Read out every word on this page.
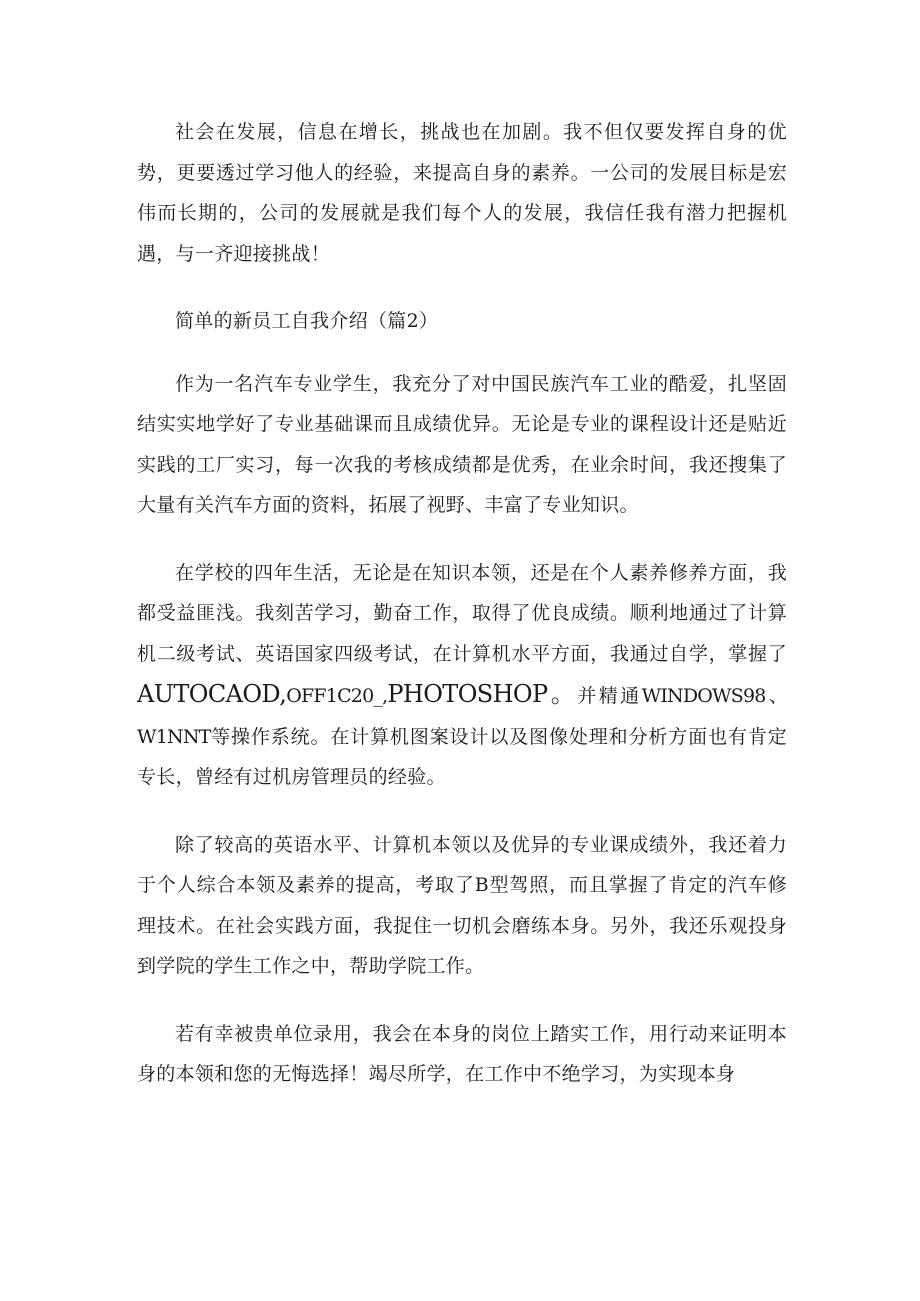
社会在发展，信息在增长，挑战也在加剧。我不但仅要发挥自身的优势，更要透过学习他人的经验，来提高自身的素养。一公司的发展目标是宏伟而长期的，公司的发展就是我们每个人的发展，我信任我有潜力把握机遇，与一齐迎接挑战！

简单的新员工自我介绍（篇2）

作为一名汽车专业学生，我充分了对中国民族汽车工业的酷爱，扎坚固结实实地学好了专业基础课而且成绩优异。无论是专业的课程设计还是贴近实践的工厂实习，每一次我的考核成绩都是优秀，在业余时间，我还搜集了大量有关汽车方面的资料，拓展了视野、丰富了专业知识。

在学校的四年生活，无论是在知识本领，还是在个人素养修养方面，我都受益匪浅。我刻苦学习，勤奋工作，取得了优良成绩。顺利地通过了计算机二级考试、英语国家四级考试，在计算机水平方面，我通过自学，掌握了AUTOCAOD,OFF1C20_,PHOTOSHOP。并精通WINDOWS98、W1NNT等操作系统。在计算机图案设计以及图像处理和分析方面也有肯定专长，曾经有过机房管理员的经验。

除了较高的英语水平、计算机本领以及优异的专业课成绩外，我还着力于个人综合本领及素养的提高，考取了B型驾照，而且掌握了肯定的汽车修理技术。在社会实践方面，我捉住一切机会磨练本身。另外，我还乐观投身到学院的学生工作之中，帮助学院工作。

若有幸被贵单位录用，我会在本身的岗位上踏实工作，用行动来证明本身的本领和您的无悔选择！竭尽所学，在工作中不绝学习，为实现本身
